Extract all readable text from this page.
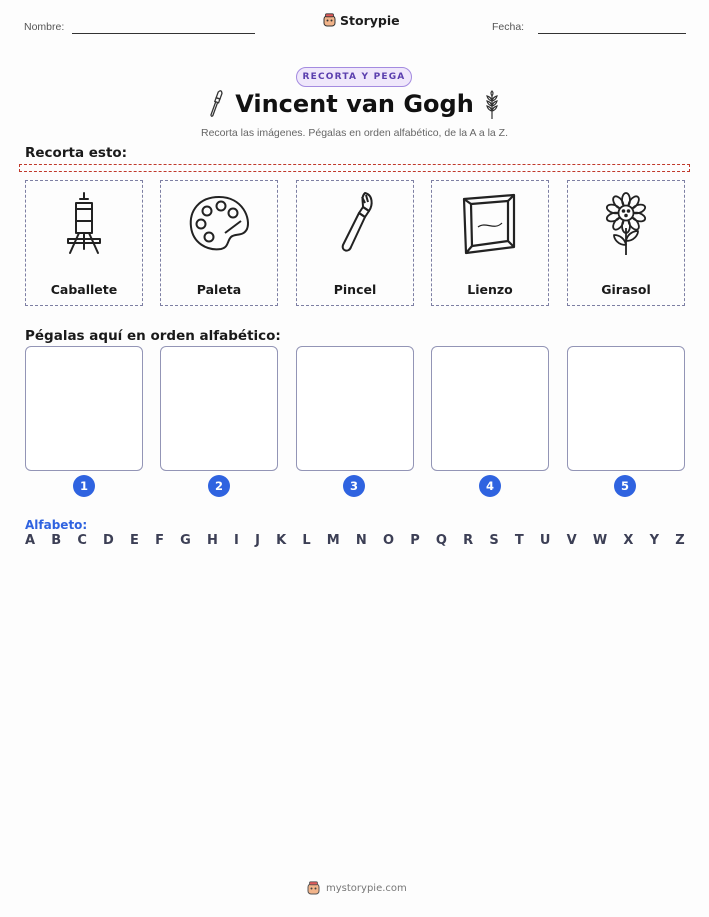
Nombre:	Storypie	Fecha:
RECORTA Y PEGA
Vincent van Gogh
Recorta las imágenes. Pégalas en orden alfabético, de la A a la Z.
Recorta esto:
Caballete	Paleta	Pincel	Lienzo	Girasol
Pégalas aquí en orden alfabético:
1	2	3	4	5
Alfabeto:
A B C D E F G H I J K L M N O P Q R S T U V W X Y Z
mystorypie.com
